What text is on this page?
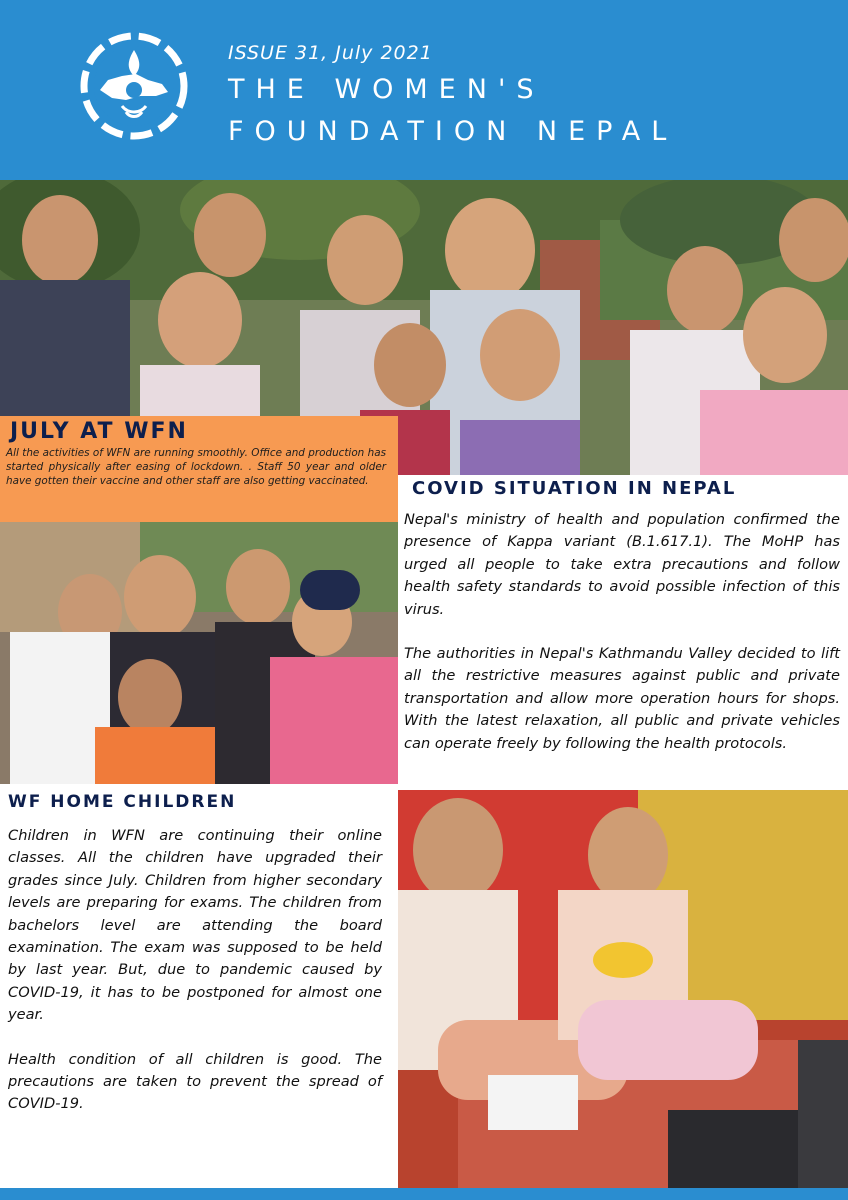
ISSUE 31, July 2021
THE WOMEN'S
FOUNDATION NEPAL
JULY AT WFN
All the activities of WFN are running smoothly. Office and production has started physically after easing of lockdown. . Staff 50 year and older have gotten their vaccine and other staff are also getting vaccinated.	COVID SITUATION IN NEPAL

Nepal's ministry of health and population confirmed the presence of Kappa variant (B.1.617.1). The MoHP has urged all people to take extra precautions and follow health safety standards to avoid possible infection of this virus.

The authorities in Nepal's Kathmandu Valley decided to lift all the restrictive measures against public and private transportation and allow more operation hours for shops. With the latest relaxation, all public and private vehicles can operate freely by following the health protocols.

WF HOME CHILDREN

Children in WFN are continuing their online classes. All the children have upgraded their grades since July. Children from higher secondary levels are preparing for exams. The children from bachelors level are attending the board examination. The exam was supposed to be held by last year. But, due to pandemic caused by COVID-19, it has to be postponed for almost one year.

Health condition of all children is good. The precautions are taken to prevent the spread of COVID-19.
